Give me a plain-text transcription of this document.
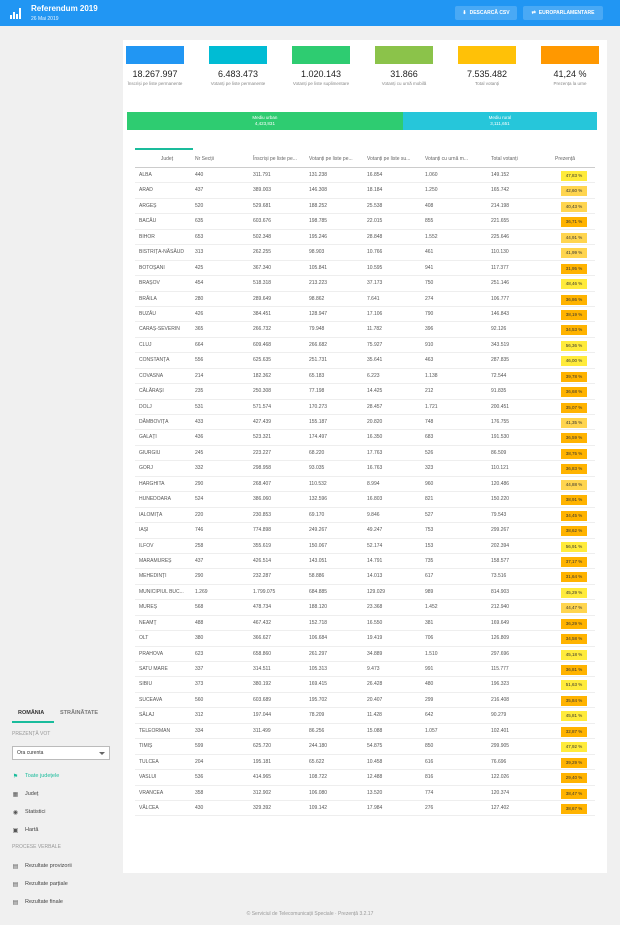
Referendum 2019
26 Mai 2019
⬇ DESCARCĂ CSV	⇄ EUROPARLAMENTARE
18.267.997
Înscriși pe liste permanente
6.483.473
Votanți pe liste permanente
1.020.143
Votanți pe liste suplimentare
31.866
Votanți cu urnă mobilă
7.535.482
Total votanți
41,24 %
Prezența la urne
Mediu urban
4,423,831
Mediu rural
3,111,651
Județ	Nr Secții	Înscriși pe liste pe...	Votanți pe liste pe...	Votanți pe liste su...	Votanți cu urnă m...	Total votanți	Prezență
ALBA	440	311.791	131.238	16.854	1.060	149.152	47,83 %
ARAD	437	389.003	146.308	18.184	1.250	165.742	42,60 %
ARGEȘ	520	529.681	188.252	25.538	408	214.198	40,43 %
BACĂU	635	603.676	198.785	22.015	855	221.655	36,71 %
BIHOR	653	502.348	195.246	28.848	1.552	225.646	44,91 %
BISTRIȚA-NĂSĂUD	313	262.255	98.903	10.766	461	110.130	41,99 %
BOTOȘANI	425	367.340	105.841	10.595	941	117.377	31,95 %
BRAȘOV	454	518.318	213.223	37.173	750	251.146	48,46 %
BRĂILA	280	289.649	98.862	7.641	274	106.777	36,86 %
BUZĂU	426	384.451	128.947	17.106	790	146.843	38,19 %
CARAȘ-SEVERIN	365	266.732	79.948	11.782	396	92.126	34,53 %
CLUJ	664	609.468	266.682	75.927	910	343.519	56,36 %
CONSTANȚA	556	625.635	251.731	35.641	463	287.835	46,00 %
COVASNA	214	182.362	65.183	6.223	1.138	72.544	39,78 %
CĂLĂRAȘI	235	250.308	77.198	14.425	212	91.835	36,68 %
DOLJ	531	571.574	170.273	28.457	1.721	200.451	35,07 %
DÂMBOVIȚA	433	427.439	155.187	20.820	748	176.755	41,35 %
GALAȚI	436	523.321	174.497	16.350	683	191.530	36,59 %
GIURGIU	245	223.227	68.220	17.763	526	86.509	38,75 %
GORJ	332	298.958	93.035	16.763	323	110.121	36,83 %
HARGHITA	290	268.407	110.532	8.994	960	120.486	44,88 %
HUNEDOARA	524	386.060	132.596	16.803	821	150.220	38,91 %
IALOMIȚA	220	230.853	69.170	9.846	527	79.543	34,45 %
IAȘI	746	774.898	249.267	49.247	753	299.267	38,62 %
ILFOV	258	355.619	150.067	52.174	153	202.394	56,91 %
MARAMUREȘ	437	426.514	143.051	14.791	735	158.577	37,17 %
MEHEDINȚI	290	232.287	58.886	14.013	617	73.516	31,64 %
MUNICIPIUL BUC...	1.269	1.799.075	684.885	129.029	989	814.903	45,29 %
MUREȘ	568	478.734	188.120	23.368	1.452	212.940	44,47 %
NEAMȚ	488	467.432	152.718	16.550	381	169.649	36,29 %
OLT	380	366.627	106.684	19.419	706	126.809	34,58 %
PRAHOVA	623	658.860	261.297	34.889	1.510	297.696	45,18 %
SATU MARE	337	314.511	105.313	9.473	991	115.777	36,81 %
SIBIU	373	380.192	169.415	26.428	480	196.323	51,63 %
SUCEAVA	560	603.689	195.702	20.407	299	216.408	35,84 %
SĂLAJ	312	197.044	78.209	11.428	642	90.279	45,81 %
TELEORMAN	334	311.499	86.256	15.088	1.057	102.401	32,87 %
TIMIȘ	599	625.720	244.180	54.875	850	299.905	47,92 %
TULCEA	204	195.181	65.622	10.458	616	76.696	39,29 %
VASLUI	536	414.965	108.722	12.488	816	122.026	29,40 %
VRANCEA	358	312.902	106.080	13.520	774	120.374	38,47 %
VÂLCEA	430	329.392	109.142	17.984	276	127.402	38,67 %
ROMÂNIA	STRĂINĂTATE
PREZENȚĂ VOT
Ora curenta
⚑ Toate județele
▦ Județ
◉ Statistici
▣ Hartă
PROCESE VERBALE
▤ Rezultate provizorii
▤ Rezultate parțiale
▤ Rezultate finale
© Serviciul de Telecomunicații Speciale · Prezență 3.2.17
